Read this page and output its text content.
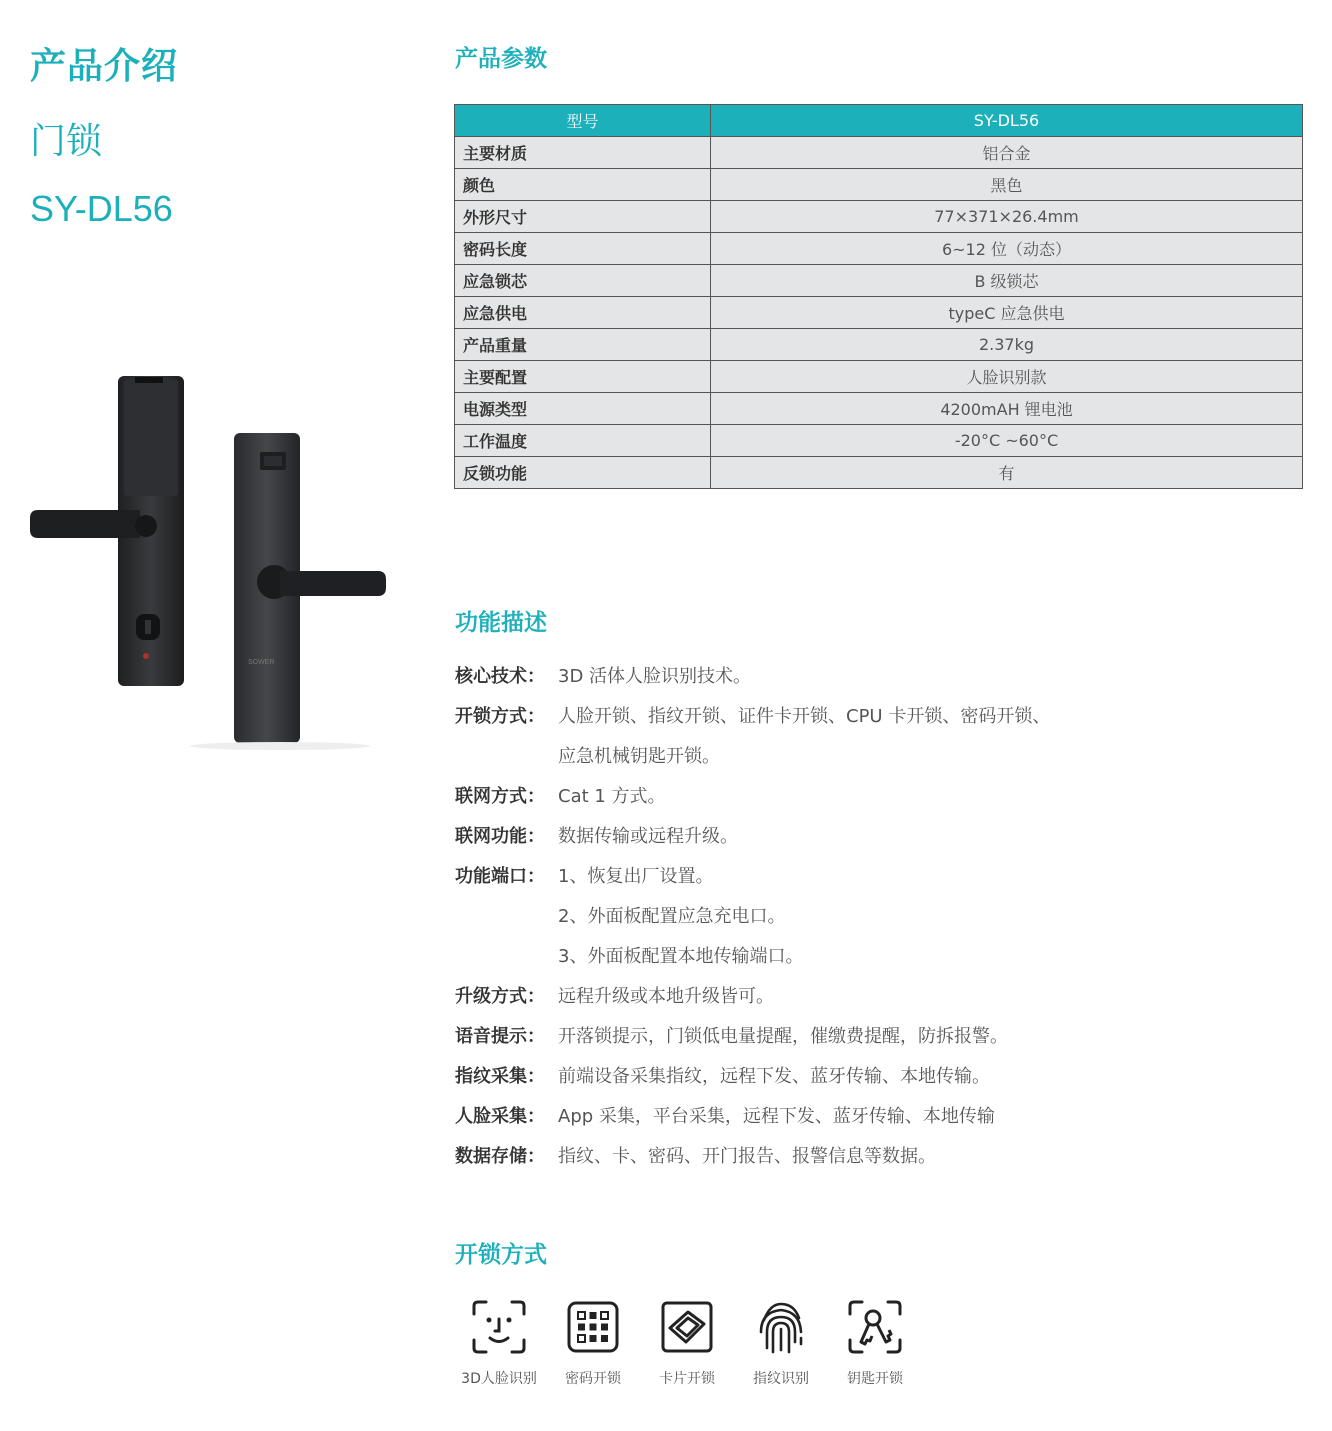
产品介绍
门锁
SY-DL56
SOWER
产品参数
型号	SY-DL56
主要材质	铝合金
颜色	黑色
外形尺寸	77×371×26.4mm
密码长度	6~12 位（动态）
应急锁芯	B 级锁芯
应急供电	typeC 应急供电
产品重量	2.37kg
主要配置	人脸识别款
电源类型	4200mAH 锂电池
工作温度	-20°C ~60°C
反锁功能	有
功能描述
核心技术： 3D 活体人脸识别技术。
开锁方式： 人脸开锁、指纹开锁、证件卡开锁、CPU 卡开锁、密码开锁、
应急机械钥匙开锁。
联网方式： Cat 1 方式。
联网功能： 数据传输或远程升级。
功能端口： 1、恢复出厂设置。
2、外面板配置应急充电口。
3、外面板配置本地传输端口。
升级方式： 远程升级或本地升级皆可。
语音提示： 开落锁提示，门锁低电量提醒，催缴费提醒，防拆报警。
指纹采集： 前端设备采集指纹，远程下发、蓝牙传输、本地传输。
人脸采集： App 采集，平台采集，远程下发、蓝牙传输、本地传输
数据存储： 指纹、卡、密码、开门报告、报警信息等数据。
开锁方式
3D人脸识别 密码开锁	卡片开锁	指纹识别	钥匙开锁
